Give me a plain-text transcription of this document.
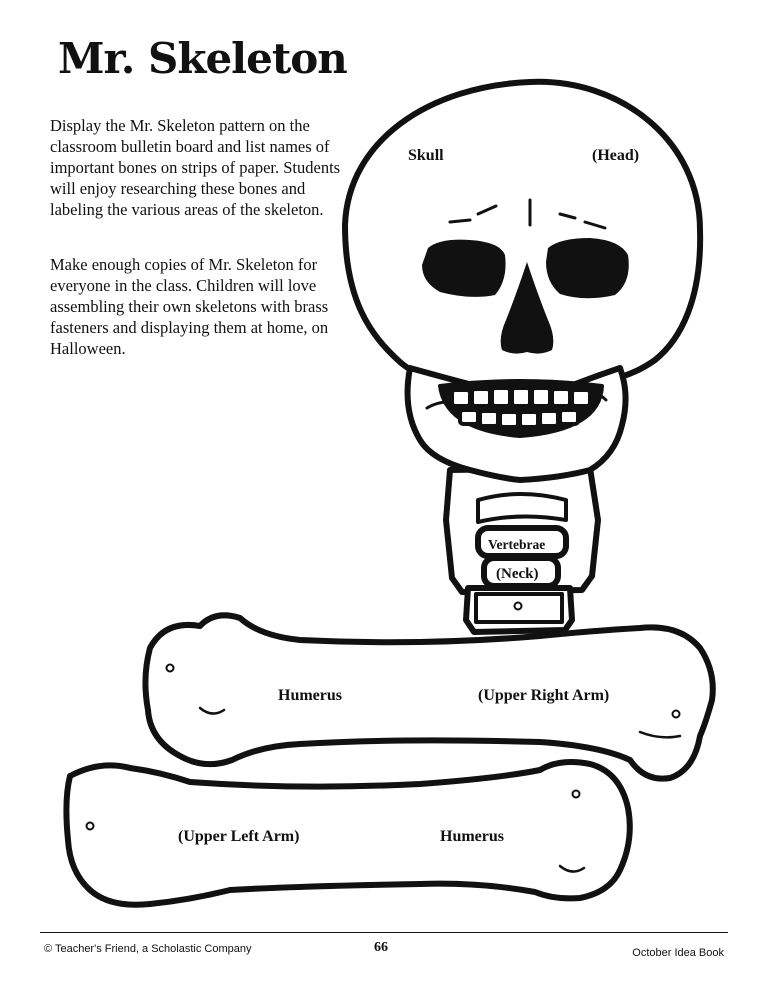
Mr. Skeleton

Display the Mr. Skeleton pattern on the classroom bulletin board and list names of important bones on strips of paper. Students will enjoy researching these bones and labeling the various areas of the skeleton.

Make enough copies of Mr. Skeleton for everyone in the class. Children will love assembling their own skeletons with brass fasteners and displaying them at home, on Halloween.

Skull	(Head)
Vertebrae
(Neck)
Humerus	(Upper Right Arm)
(Upper Left Arm)	Humerus
© Teacher's Friend, a Scholastic Company	66	October Idea Book
